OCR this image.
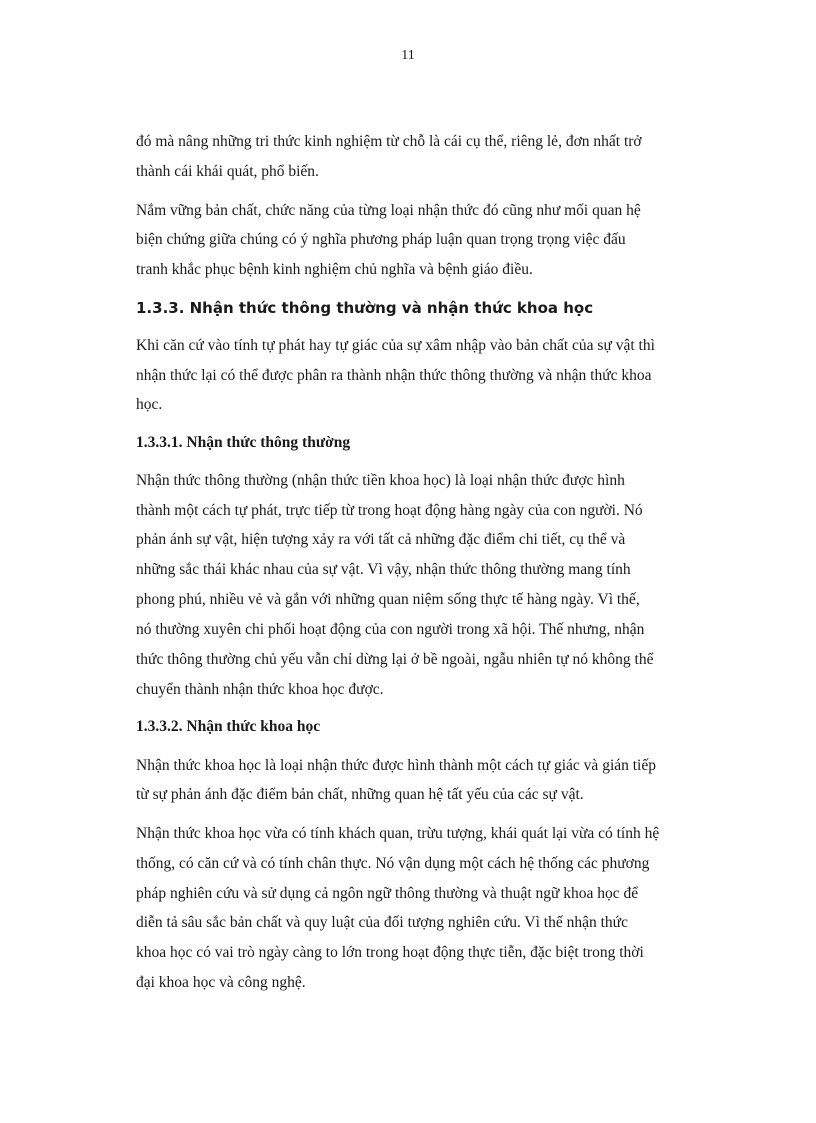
11
đó mà nâng những tri thức kinh nghiệm từ chỗ là cái cụ thể, riêng lẻ, đơn nhất trở
thành cái khái quát, phổ biến.
Nắm vững bản chất, chức năng của từng loại nhận thức đó cũng như mối quan hệ
biện chứng giữa chúng có ý nghĩa phương pháp luận quan trọng trọng việc đấu
tranh khắc phục bệnh kinh nghiệm chủ nghĩa và bệnh giáo điều.
1.3.3. Nhận thức thông thường và nhận thức khoa học
Khi căn cứ vào tính tự phát hay tự giác của sự xâm nhập vào bản chất của sự vật thì
nhận thức lại có thể được phân ra thành nhận thức thông thường và nhận thức khoa
học.
1.3.3.1. Nhận thức thông thường
Nhận thức thông thường (nhận thức tiền khoa học) là loại nhận thức được hình
thành một cách tự phát, trực tiếp từ trong hoạt động hàng ngày của con người. Nó
phản ánh sự vật, hiện tượng xảy ra với tất cả những đặc điểm chi tiết, cụ thể và
những sắc thái khác nhau của sự vật. Vì vậy, nhận thức thông thường mang tính
phong phú, nhiều vẻ và gắn với những quan niệm sống thực tế hàng ngày. Vì thế,
nó thường xuyên chi phối hoạt động của con người trong xã hội. Thế nhưng, nhận
thức thông thường chủ yếu vẫn chỉ dừng lại ở bề ngoài, ngẫu nhiên tự nó không thể
chuyển thành nhận thức khoa học được.
1.3.3.2. Nhận thức khoa học
Nhận thức khoa học là loại nhận thức được hình thành một cách tự giác và gián tiếp
từ sự phản ánh đặc điểm bản chất, những quan hệ tất yếu của các sự vật.
Nhận thức khoa học vừa có tính khách quan, trừu tượng, khái quát lại vừa có tính hệ
thống, có căn cứ và có tính chân thực. Nó vận dụng một cách hệ thống các phương
pháp nghiên cứu và sử dụng cả ngôn ngữ thông thường và thuật ngữ khoa học để
diễn tả sâu sắc bản chất và quy luật của đối tượng nghiên cứu. Vì thế nhận thức
khoa học có vai trò ngày càng to lớn trong hoạt động thực tiễn, đặc biệt trong thời
đại khoa học và công nghệ.
